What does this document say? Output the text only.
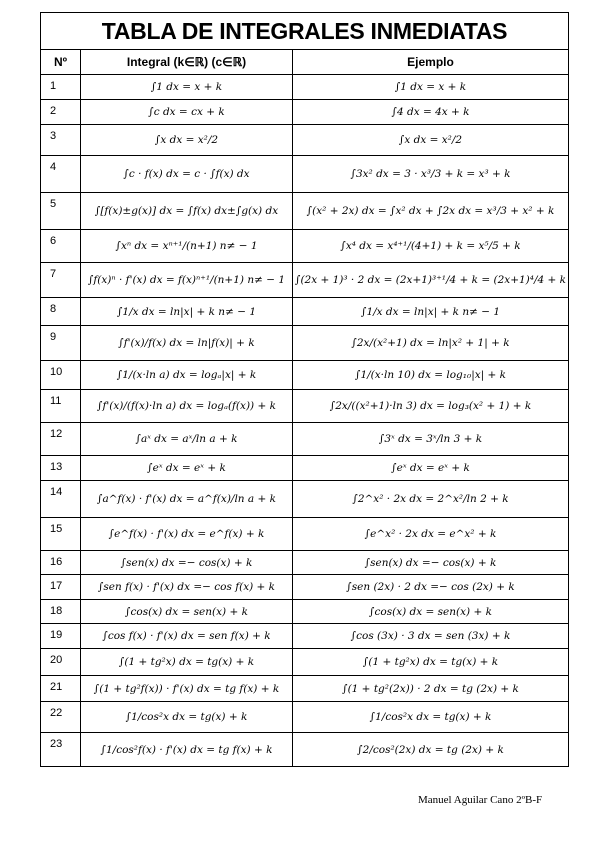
TABLA DE INTEGRALES INMEDIATAS		
Nº	Integral (k∈ℝ) (c∈ℝ)	Ejemplo
1	∫1 dx = x + k	∫1 dx = x + k
2	∫c dx = cx + k	∫4 dx = 4x + k
3	∫x dx = x²/2	∫x dx = x²/2
4	∫c · f(x) dx = c · ∫f(x) dx	∫3x² dx = 3 · x³/3 + k = x³ + k
5	∫[f(x)±g(x)] dx = ∫f(x) dx±∫g(x) dx	∫(x² + 2x) dx = ∫x² dx + ∫2x dx = x³/3 + x² + k
6	∫xⁿ dx = xⁿ⁺¹/(n+1) n≠ − 1	∫x⁴ dx = x⁴⁺¹/(4+1) + k = x⁵/5 + k
7	∫f(x)ⁿ · f'(x) dx = f(x)ⁿ⁺¹/(n+1) n≠ − 1	∫(2x + 1)³ · 2 dx = (2x+1)³⁺¹/4 + k = (2x+1)⁴/4 + k
8	∫1/x dx = ln|x| + k n≠ − 1	∫1/x dx = ln|x| + k n≠ − 1
9	∫f'(x)/f(x) dx = ln|f(x)| + k	∫2x/(x²+1) dx = ln|x² + 1| + k
10	∫1/(x·ln a) dx = logₐ|x| + k	∫1/(x·ln 10) dx = log₁₀|x| + k
11	∫f'(x)/(f(x)·ln a) dx = logₐ(f(x)) + k	∫2x/((x²+1)·ln 3) dx = log₃(x² + 1) + k
12	∫aˣ dx = aˣ/ln a + k	∫3ˣ dx = 3ˣ/ln 3 + k
13	∫eˣ dx = eˣ + k	∫eˣ dx = eˣ + k
14	∫a^f(x) · f'(x) dx = a^f(x)/ln a + k	∫2^x² · 2x dx = 2^x²/ln 2 + k
15	∫e^f(x) · f'(x) dx = e^f(x) + k	∫e^x² · 2x dx = e^x² + k
16	∫sen(x) dx =− cos(x) + k	∫sen(x) dx =− cos(x) + k
17	∫sen f(x) · f'(x) dx =− cos f(x) + k	∫sen (2x) · 2 dx =− cos (2x) + k
18	∫cos(x) dx = sen(x) + k	∫cos(x) dx = sen(x) + k
19	∫cos f(x) · f'(x) dx = sen f(x) + k	∫cos (3x) · 3 dx = sen (3x) + k
20	∫(1 + tg²x) dx = tg(x) + k	∫(1 + tg²x) dx = tg(x) + k
21	∫(1 + tg²f(x)) · f'(x) dx = tg f(x) + k	∫(1 + tg²(2x)) · 2 dx = tg (2x) + k
22	∫1/cos²x dx = tg(x) + k	∫1/cos²x dx = tg(x) + k
23	∫1/cos²f(x) · f'(x) dx = tg f(x) + k	∫2/cos²(2x) dx = tg (2x) + k
Manuel Aguilar Cano 2ºB-F
